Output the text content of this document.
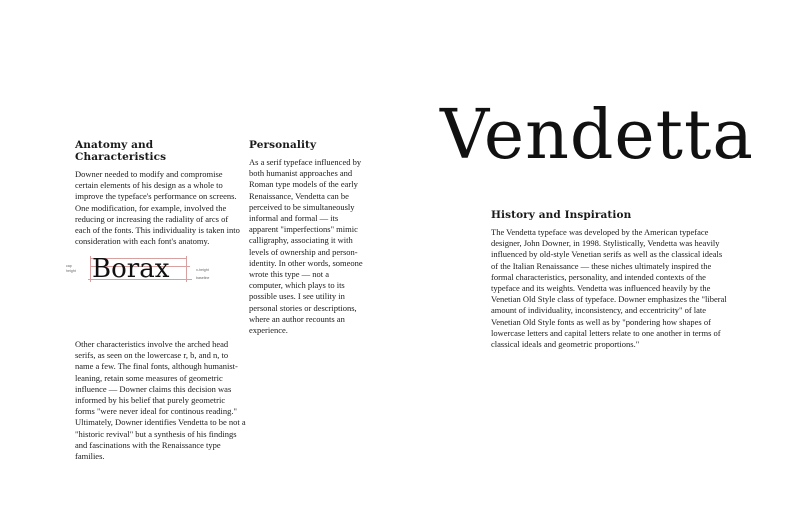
Anatomy and Characteristics

Downer needed to modify and compromise certain elements of his design as a whole to improve the typeface's performance on screens. One modification, for example, involved the reducing or increasing the radiality of arcs of each of the fonts. This individuality is taken into consideration with each font's anatomy.

cap
height Borax	x-height
baseline

Other characteristics involve the arched head serifs, as seen on the lowercase r, b, and n, to name a few. The final fonts, although humanist-leaning, retain some measures of geometric influence — Downer claims this decision was informed by his belief that purely geometric forms "were never ideal for continous reading." Ultimately, Downer identifies Vendetta to be not a "historic revival" but a synthesis of his findings and fascinations with the Renaissance type families.

Personality

As a serif typeface influenced by both humanist approaches and Roman type models of the early Renaissance, Vendetta can be perceived to be simultaneously informal and formal — its apparent "imperfections" mimic calligraphy, associating it with levels of ownership and person-identity. In other words, someone wrote this type — not a computer, which plays to its possible uses. I see utility in personal stories or descriptions, where an author recounts an experience.

Vendetta
History and Inspiration

The Vendetta typeface was developed by the American typeface designer, John Downer, in 1998. Stylistically, Vendetta was heavily influenced by old-style Venetian serifs as well as the classical ideals of the Italian Renaissance — these niches ultimately inspired the formal characteristics, personality, and intended contexts of the typeface and its weights. Vendetta was influenced heavily by the Venetian Old Style class of typeface. Downer emphasizes the "liberal amount of individuality, inconsistency, and eccentricity" of late Venetian Old Style fonts as well as by "pondering how shapes of lowercase letters and capital letters relate to one another in terms of classical ideals and geometric proportions."
